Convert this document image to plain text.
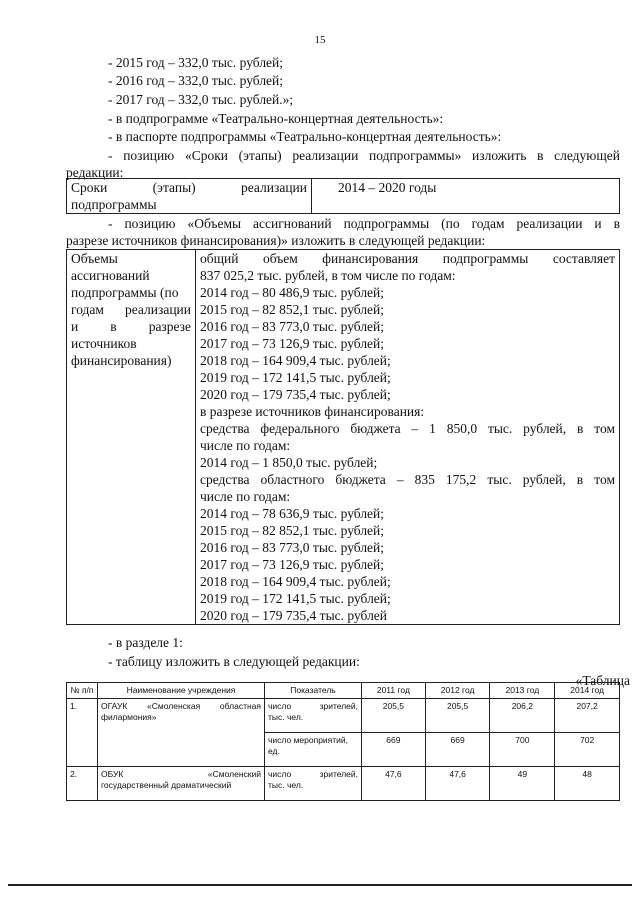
15
- 2015 год – 332,0 тыс. рублей;
- 2016 год – 332,0 тыс. рублей;
- 2017 год – 332,0 тыс. рублей.»;
- в подпрограмме «Театрально-концертная деятельность»:
- в паспорте подпрограммы «Театрально-концертная деятельность»:
- позицию «Сроки (этапы) реализации подпрограммы» изложить в следующей
редакции:
Сроки (этапы) реализации
подпрограммы
	2014 – 2020 годы
- позицию «Объемы ассигнований подпрограммы (по годам реализации и в
разрезе источников финансирования)» изложить в следующей редакции:
Объемы
ассигнований
подпрограммы (по
годам реализации
и в разрезе
источников
финансирования)

общий объем финансирования подпрограммы составляет
837 025,2 тыс. рублей, в том числе по годам:
2014 год – 80 486,9 тыс. рублей;
2015 год – 82 852,1 тыс. рублей;
2016 год – 83 773,0 тыс. рублей;
2017 год – 73 126,9 тыс. рублей;
2018 год – 164 909,4 тыс. рублей;
2019 год – 172 141,5 тыс. рублей;
2020 год – 179 735,4 тыс. рублей;
в разрезе источников финансирования:
средства федерального бюджета – 1 850,0 тыс. рублей, в том
числе по годам:
2014 год – 1 850,0 тыс. рублей;
средства областного бюджета – 835 175,2 тыс. рублей, в том
числе по годам:
2014 год – 78 636,9 тыс. рублей;
2015 год – 82 852,1 тыс. рублей;
2016 год – 83 773,0 тыс. рублей;
2017 год – 73 126,9 тыс. рублей;
2018 год – 164 909,4 тыс. рублей;
2019 год – 172 141,5 тыс. рублей;
2020 год – 179 735,4 тыс. рублей
- в разделе 1:
- таблицу изложить в следующей редакции:
«Таблица
№ п/п	Наименование учреждения	Показатель	2011 год	2012 год	2013 год	2014 год
1.	ОГАУК «Смоленская областная
филармония»	число зрителей,
тыс. чел.	205,5	205,5	206,2	207,2

		число мероприятий,
ед.	669	669	700	702
2.	ОБУК «Смоленский
государственный драматический	число зрителей,
тыс. чел.	47,6	47,6	49	48
